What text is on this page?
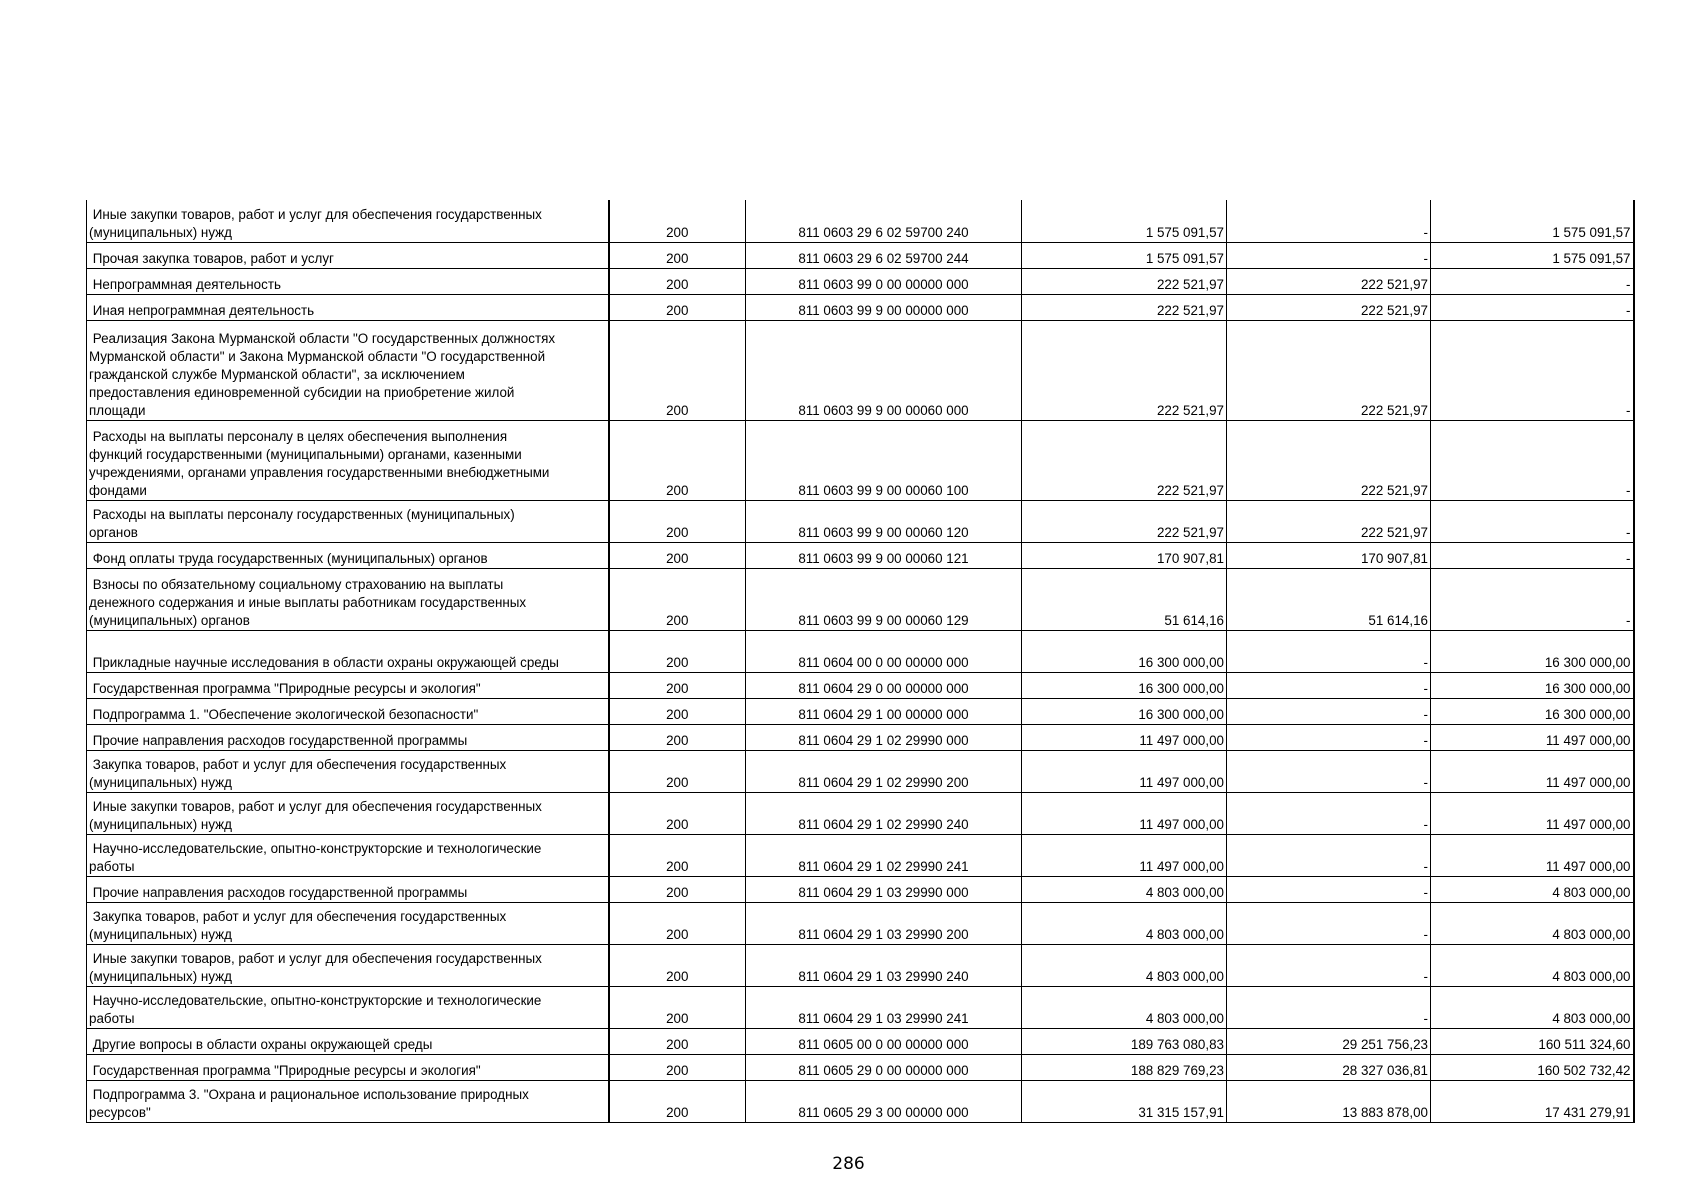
Иные закупки товаров, работ и услуг для обеспечения государственных
(муниципальных) нужд	200	811 0603 29 6 02 59700 240	1 575 091,57	-	1 575 091,57
Прочая закупка товаров, работ и услуг	200	811 0603 29 6 02 59700 244	1 575 091,57	-	1 575 091,57
Непрограммная деятельность	200	811 0603 99 0 00 00000 000	222 521,97	222 521,97	-
Иная непрограммная деятельность	200	811 0603 99 9 00 00000 000	222 521,97	222 521,97	-
Реализация Закона Мурманской области "О государственных должностях
Мурманской области" и Закона Мурманской области "О государственной
гражданской службе Мурманской области", за исключением
предоставления единовременной субсидии на приобретение жилой
площади	200	811 0603 99 9 00 00060 000	222 521,97	222 521,97	-
Расходы на выплаты персоналу в целях обеспечения выполнения
функций государственными (муниципальными) органами, казенными
учреждениями, органами управления государственными внебюджетными
фондами	200	811 0603 99 9 00 00060 100	222 521,97	222 521,97	-
Расходы на выплаты персоналу государственных (муниципальных)
органов	200	811 0603 99 9 00 00060 120	222 521,97	222 521,97	-
Фонд оплаты труда государственных (муниципальных) органов	200	811 0603 99 9 00 00060 121	170 907,81	170 907,81	-
Взносы по обязательному социальному страхованию на выплаты
денежного содержания и иные выплаты работникам государственных
(муниципальных) органов	200	811 0603 99 9 00 00060 129	51 614,16	51 614,16	-
Прикладные научные исследования в области охраны окружающей среды	200	811 0604 00 0 00 00000 000	16 300 000,00	-	16 300 000,00
Государственная программа "Природные ресурсы и экология"	200	811 0604 29 0 00 00000 000	16 300 000,00	-	16 300 000,00
Подпрограмма 1. "Обеспечение экологической безопасности"	200	811 0604 29 1 00 00000 000	16 300 000,00	-	16 300 000,00
Прочие направления расходов государственной программы	200	811 0604 29 1 02 29990 000	11 497 000,00	-	11 497 000,00
Закупка товаров, работ и услуг для обеспечения государственных
(муниципальных) нужд	200	811 0604 29 1 02 29990 200	11 497 000,00	-	11 497 000,00
Иные закупки товаров, работ и услуг для обеспечения государственных
(муниципальных) нужд	200	811 0604 29 1 02 29990 240	11 497 000,00	-	11 497 000,00
Научно-исследовательские, опытно-конструкторские и технологические
работы	200	811 0604 29 1 02 29990 241	11 497 000,00	-	11 497 000,00
Прочие направления расходов государственной программы	200	811 0604 29 1 03 29990 000	4 803 000,00	-	4 803 000,00
Закупка товаров, работ и услуг для обеспечения государственных
(муниципальных) нужд	200	811 0604 29 1 03 29990 200	4 803 000,00	-	4 803 000,00
Иные закупки товаров, работ и услуг для обеспечения государственных
(муниципальных) нужд	200	811 0604 29 1 03 29990 240	4 803 000,00	-	4 803 000,00
Научно-исследовательские, опытно-конструкторские и технологические
работы	200	811 0604 29 1 03 29990 241	4 803 000,00	-	4 803 000,00
Другие вопросы в области охраны окружающей среды	200	811 0605 00 0 00 00000 000	189 763 080,83	29 251 756,23	160 511 324,60
Государственная программа "Природные ресурсы и экология"	200	811 0605 29 0 00 00000 000	188 829 769,23	28 327 036,81	160 502 732,42
Подпрограмма 3. "Охрана и рациональное использование природных
ресурсов"	200	811 0605 29 3 00 00000 000	31 315 157,91	13 883 878,00	17 431 279,91
286
